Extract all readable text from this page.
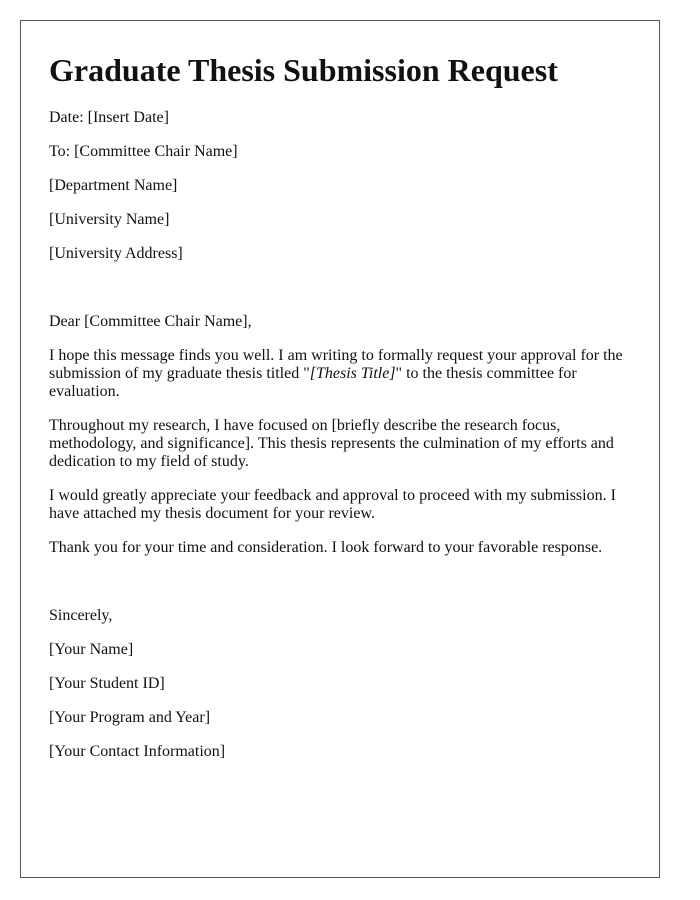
Graduate Thesis Submission Request

Date: [Insert Date]

To: [Committee Chair Name]

[Department Name]

[University Name]

[University Address]

Dear [Committee Chair Name],

I hope this message finds you well. I am writing to formally request your approval for the submission of my graduate thesis titled "[Thesis Title]" to the thesis committee for evaluation.

Throughout my research, I have focused on [briefly describe the research focus, methodology, and significance]. This thesis represents the culmination of my efforts and dedication to my field of study.

I would greatly appreciate your feedback and approval to proceed with my submission. I have attached my thesis document for your review.

Thank you for your time and consideration. I look forward to your favorable response.

Sincerely,

[Your Name]

[Your Student ID]

[Your Program and Year]

[Your Contact Information]
